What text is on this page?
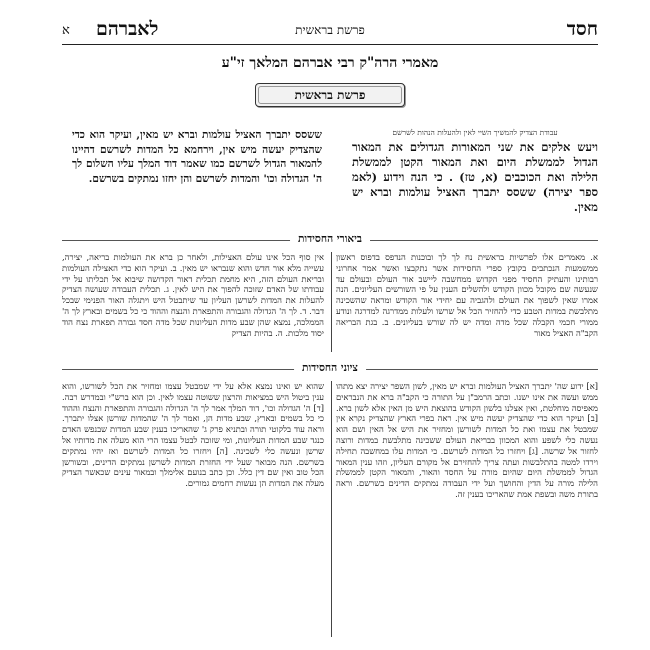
חסד
פרשת בראשית
לאברהם
א
מאמרי הרה"ק רבי אברהם המלאך זי"ע
פרשת בראשית
עבודת הצדיק להמשיך השיי לאין ולהעלות הנהות לשרשם
ויעש אלקים את שני המאורות הגדולים את המאור הגדול לממשלת היום ואת המאור הקטן לממשלת הלילה ואת הכוכבים (א, טז) . כי הנה וידוע (לאמ ספר יצירה) ששסס יתברך האציל עולמות וברא יש מאין.
ששסס יתברך האציל עולמות וברא יש מאין, ועיקר הוא כדי שהצדיק יעשה מיש אין, וירחמא כל המדות לשרשם דהיינו להמאור הגדול לשרשם כמו שאמר דוד המלך עליו השלום לך ה' הגדולה וכו' והמדות לשרשם והן יחזו נמתקים בשרשם.
ביאורי החסידות
א. מאמרים אלו לפרשיות בראשית נח לך לך ובוכנות הנדפס בדפוס ראשון ממשמעות הנכתבים בקובץ ספרי החסידות אשר נתקבצו ואשר אמר אחרוני רבותינו והעתיק החסיד מפני הקדוש ממחשבה ליישב אור העולם ובעולם עד שנעשה שם מקובל מכוון הקודש ולהשלים הענין על פי השורשים העליונים. הנה אמרו שאין לשפוך את העולם ולהגביה עם יחידי אור הקודש ומראה שהשכינה מתלבשת במדות הטבע כדי להחזיר הכל אל שרשו ולעלות ממדרגה למדרגה ונודע ממורי חכמי הקבלה שכל מדה ומדה יש לה שורש בעליונים. ב. בגת הבריאה הקב"ה האציל מאור
אין סוף הכל אינו עולם האצילות, ולאחר כן ברא את העולמות בריאה, יצירה, עשייה מלא אור חדש והוא שנבראו יש מאין. ב. ועיקר הוא כדי האצילה העולמות ובריאת העולם הזה, היא מחמת תכלית דאור הקדושה שיבוא אל תכליתו על ידי עבודתו של האדם שזוכה להפוך את היש לאין. ג. תכלית העבודה שעושה הצדיק להעלות את המדות לשרשן העליון עד שיתבטל היש ויתגלה האור הפנימי שבכל דבר. ד. לך ה' הגדולה והגבורה והתפארת והנצח וההוד כי כל בשמים ובארץ לך ה' הממלכה, נמצא שהן שבע מדות העליונות שכל מדה חסד גבורה תפארת נצח הוד יסוד מלכות. ה. בהיות הצדיק
ציוני החסידות
[א] ידוע שה' יתברך האציל העולמות וברא יש מאין, לשון השפר יצירה יצא מתהו ממש ועשה את אינו ישנו. וכתב הרמב"ן על התורה כי הקב"ה ברא את הנבראים מאפיסה מוחלטת, ואין אצלנו בלשון הקודש בהוצאת היש מן האין אלא לשון ברא. [ב] ועיקר הוא כדי שהצדיק יעשה מיש אין. ראה בפרי הארץ שהצדיק נקרא אין שמבטל את עצמו ואת כל המדות לשורשן ומחזיר את היש אל האין ושם הוא נעשה כלי לשפע והוא המכוון בבריאת העולם ששכינה מתלבשת במדות ורוצה לחזור אל שרשה. [ג] ויחזרו כל המדות לשרשם. כי המדות עלו במחשבה תחילה וירדו למטה בהתלבשות ועתה צריך להחזירם אל מקורם העליון, וזהו ענין המאור הגדול לממשלת היום שהיום מורה על החסד והאור, והמאור הקטן לממשלת הלילה מורה על הדין והחושך ועל ידי העבודה נמתקים הדינים בשרשם. וראה בתורת משה ובשפת אמת שהאריכו בענין זה.
שהוא יש ואינו נמצא אלא על ידי שמבטל עצמו ומחזיר את הכל לשורשו, והוא ענין ביטול היש במציאות והרצון ששוטה עצמו לאין. וכן הוא ברש"י ובמדרש רבה. [ד] ה' הגדולה וכו', דוד המלך אמר לך ה' הגדולה והגבורה והתפארת והנצח וההוד כי כל בשמים ובארץ, שבע מדות הן, ואמר לך ה' שהמדות שורשן אצלו יתברך. וראה עוד בלקוטי תורה ובתניא פרק ג' שהאריכו בענין שבע המדות שבנפש האדם כנגד שבע המדות העליונות, ומי שזוכה לבטל עצמו הרי הוא מעלה את מדותיו אל שרשן ונעשה כלי לשכינה. [ה] ויחזרו כל המדות לשרשם ואז יהיו נמתקים בשרשם. הנה מבואר שעל ידי החזרת המדות לשרשן נמתקים הדינים, ובשורשן הכל טוב ואין שם דין כלל. וכן כתב בנועם אלימלך ובמאור עינים שכאשר הצדיק מעלה את המדות הן נעשות רחמים גמורים.
